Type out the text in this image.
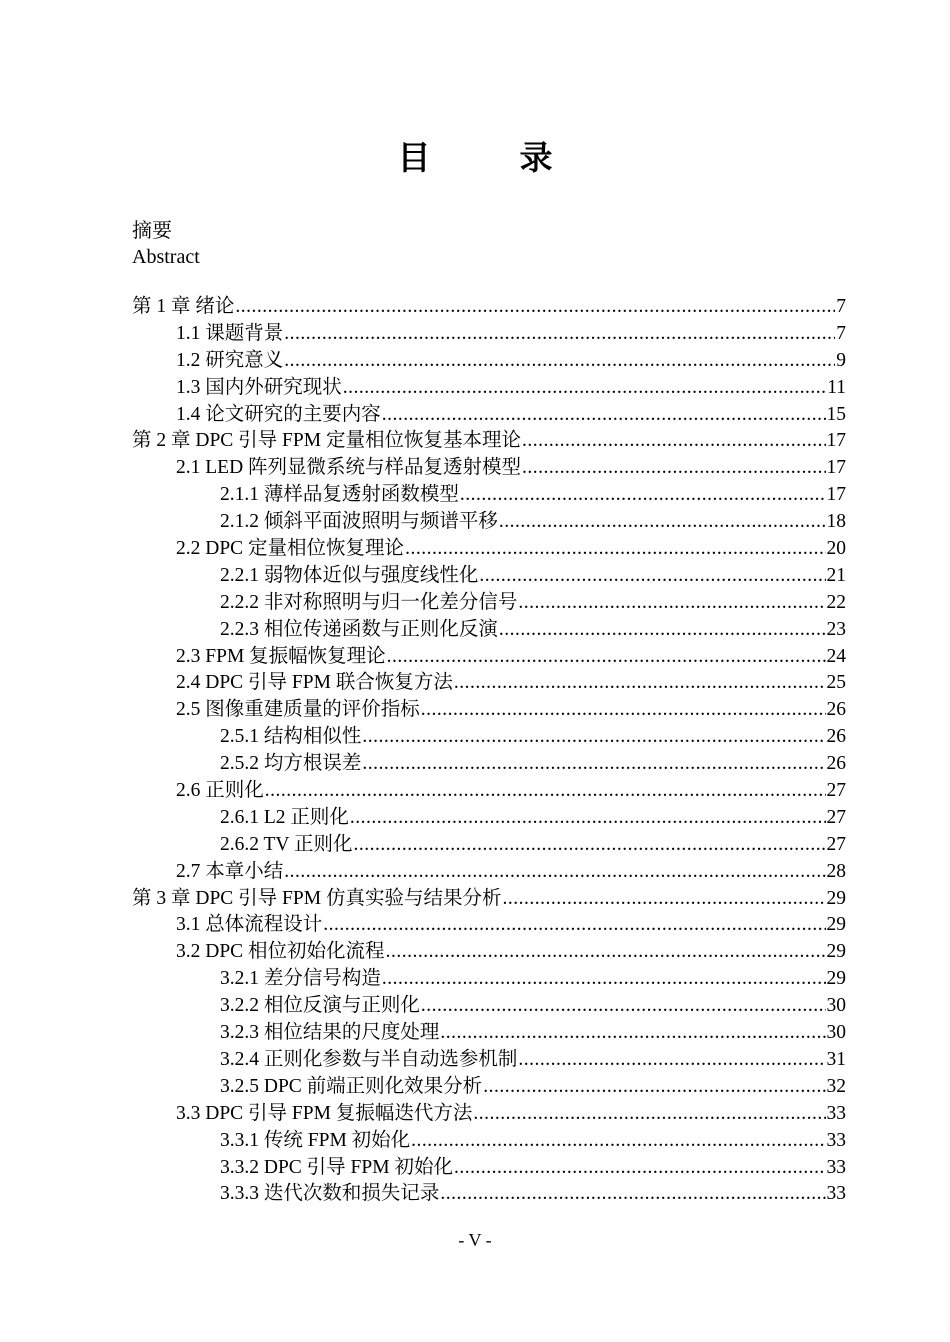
目　录
摘要
Abstract
第 1 章 绪论 .....	7
1.1 课题背景 .....	7
1.2 研究意义 .....	9
1.3 国内外研究现状 .....	11
1.4 论文研究的主要内容 .....	15
第 2 章 DPC 引导 FPM 定量相位恢复基本理论 .....	17
2.1 LED 阵列显微系统与样品复透射模型 .....	17
2.1.1 薄样品复透射函数模型 .....	17
2.1.2 倾斜平面波照明与频谱平移 .....	18
2.2 DPC 定量相位恢复理论 .....	20
2.2.1 弱物体近似与强度线性化 .....	21
2.2.2 非对称照明与归一化差分信号 .....	22
2.2.3 相位传递函数与正则化反演 .....	23
2.3 FPM 复振幅恢复理论 .....	24
2.4 DPC 引导 FPM 联合恢复方法 .....	25
2.5 图像重建质量的评价指标 .....	26
2.5.1 结构相似性 .....	26
2.5.2 均方根误差 .....	26
2.6 正则化 .....	27
2.6.1 L2 正则化 .....	27
2.6.2 TV 正则化 .....	27
2.7 本章小结 .....	28
第 3 章 DPC 引导 FPM 仿真实验与结果分析 .....	29
3.1 总体流程设计 .....	29
3.2 DPC 相位初始化流程 .....	29
3.2.1 差分信号构造 .....	29
3.2.2 相位反演与正则化 .....	30
3.2.3 相位结果的尺度处理 .....	30
3.2.4 正则化参数与半自动选参机制 .....	31
3.2.5 DPC 前端正则化效果分析 .....	32
3.3 DPC 引导 FPM 复振幅迭代方法 .....	33
3.3.1 传统 FPM 初始化 .....	33
3.3.2 DPC 引导 FPM 初始化 .....	33
3.3.3 迭代次数和损失记录 .....	33
- V -
